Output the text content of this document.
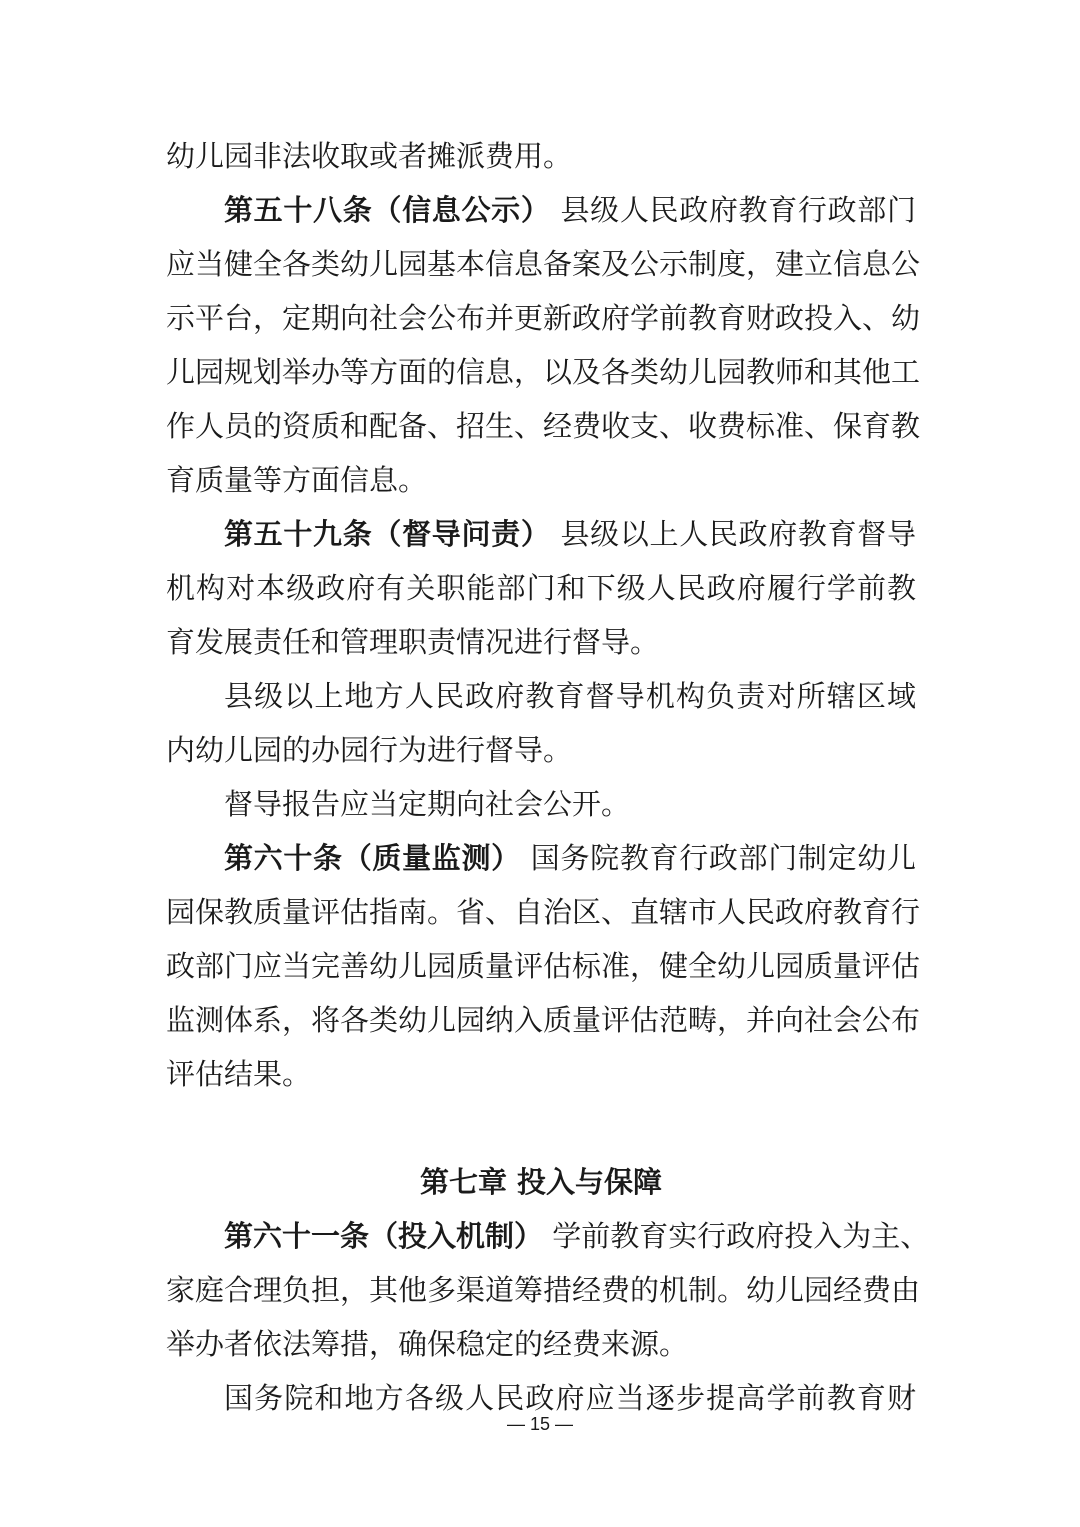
幼儿园非法收取或者摊派费用。
第五十八条（信息公示） 县级人民政府教育行政部门
应当健全各类幼儿园基本信息备案及公示制度，建立信息公
示平台，定期向社会公布并更新政府学前教育财政投入、幼
儿园规划举办等方面的信息，以及各类幼儿园教师和其他工
作人员的资质和配备、招生、经费收支、收费标准、保育教
育质量等方面信息。
第五十九条（督导问责） 县级以上人民政府教育督导
机构对本级政府有关职能部门和下级人民政府履行学前教
育发展责任和管理职责情况进行督导。
县级以上地方人民政府教育督导机构负责对所辖区域
内幼儿园的办园行为进行督导。
督导报告应当定期向社会公开。
第六十条（质量监测） 国务院教育行政部门制定幼儿
园保教质量评估指南。省、自治区、直辖市人民政府教育行
政部门应当完善幼儿园质量评估标准，健全幼儿园质量评估
监测体系，将各类幼儿园纳入质量评估范畴，并向社会公布
评估结果。
第七章 投入与保障
第六十一条（投入机制） 学前教育实行政府投入为主、
家庭合理负担，其他多渠道筹措经费的机制。幼儿园经费由
举办者依法筹措，确保稳定的经费来源。
国务院和地方各级人民政府应当逐步提高学前教育财
— 15 —
